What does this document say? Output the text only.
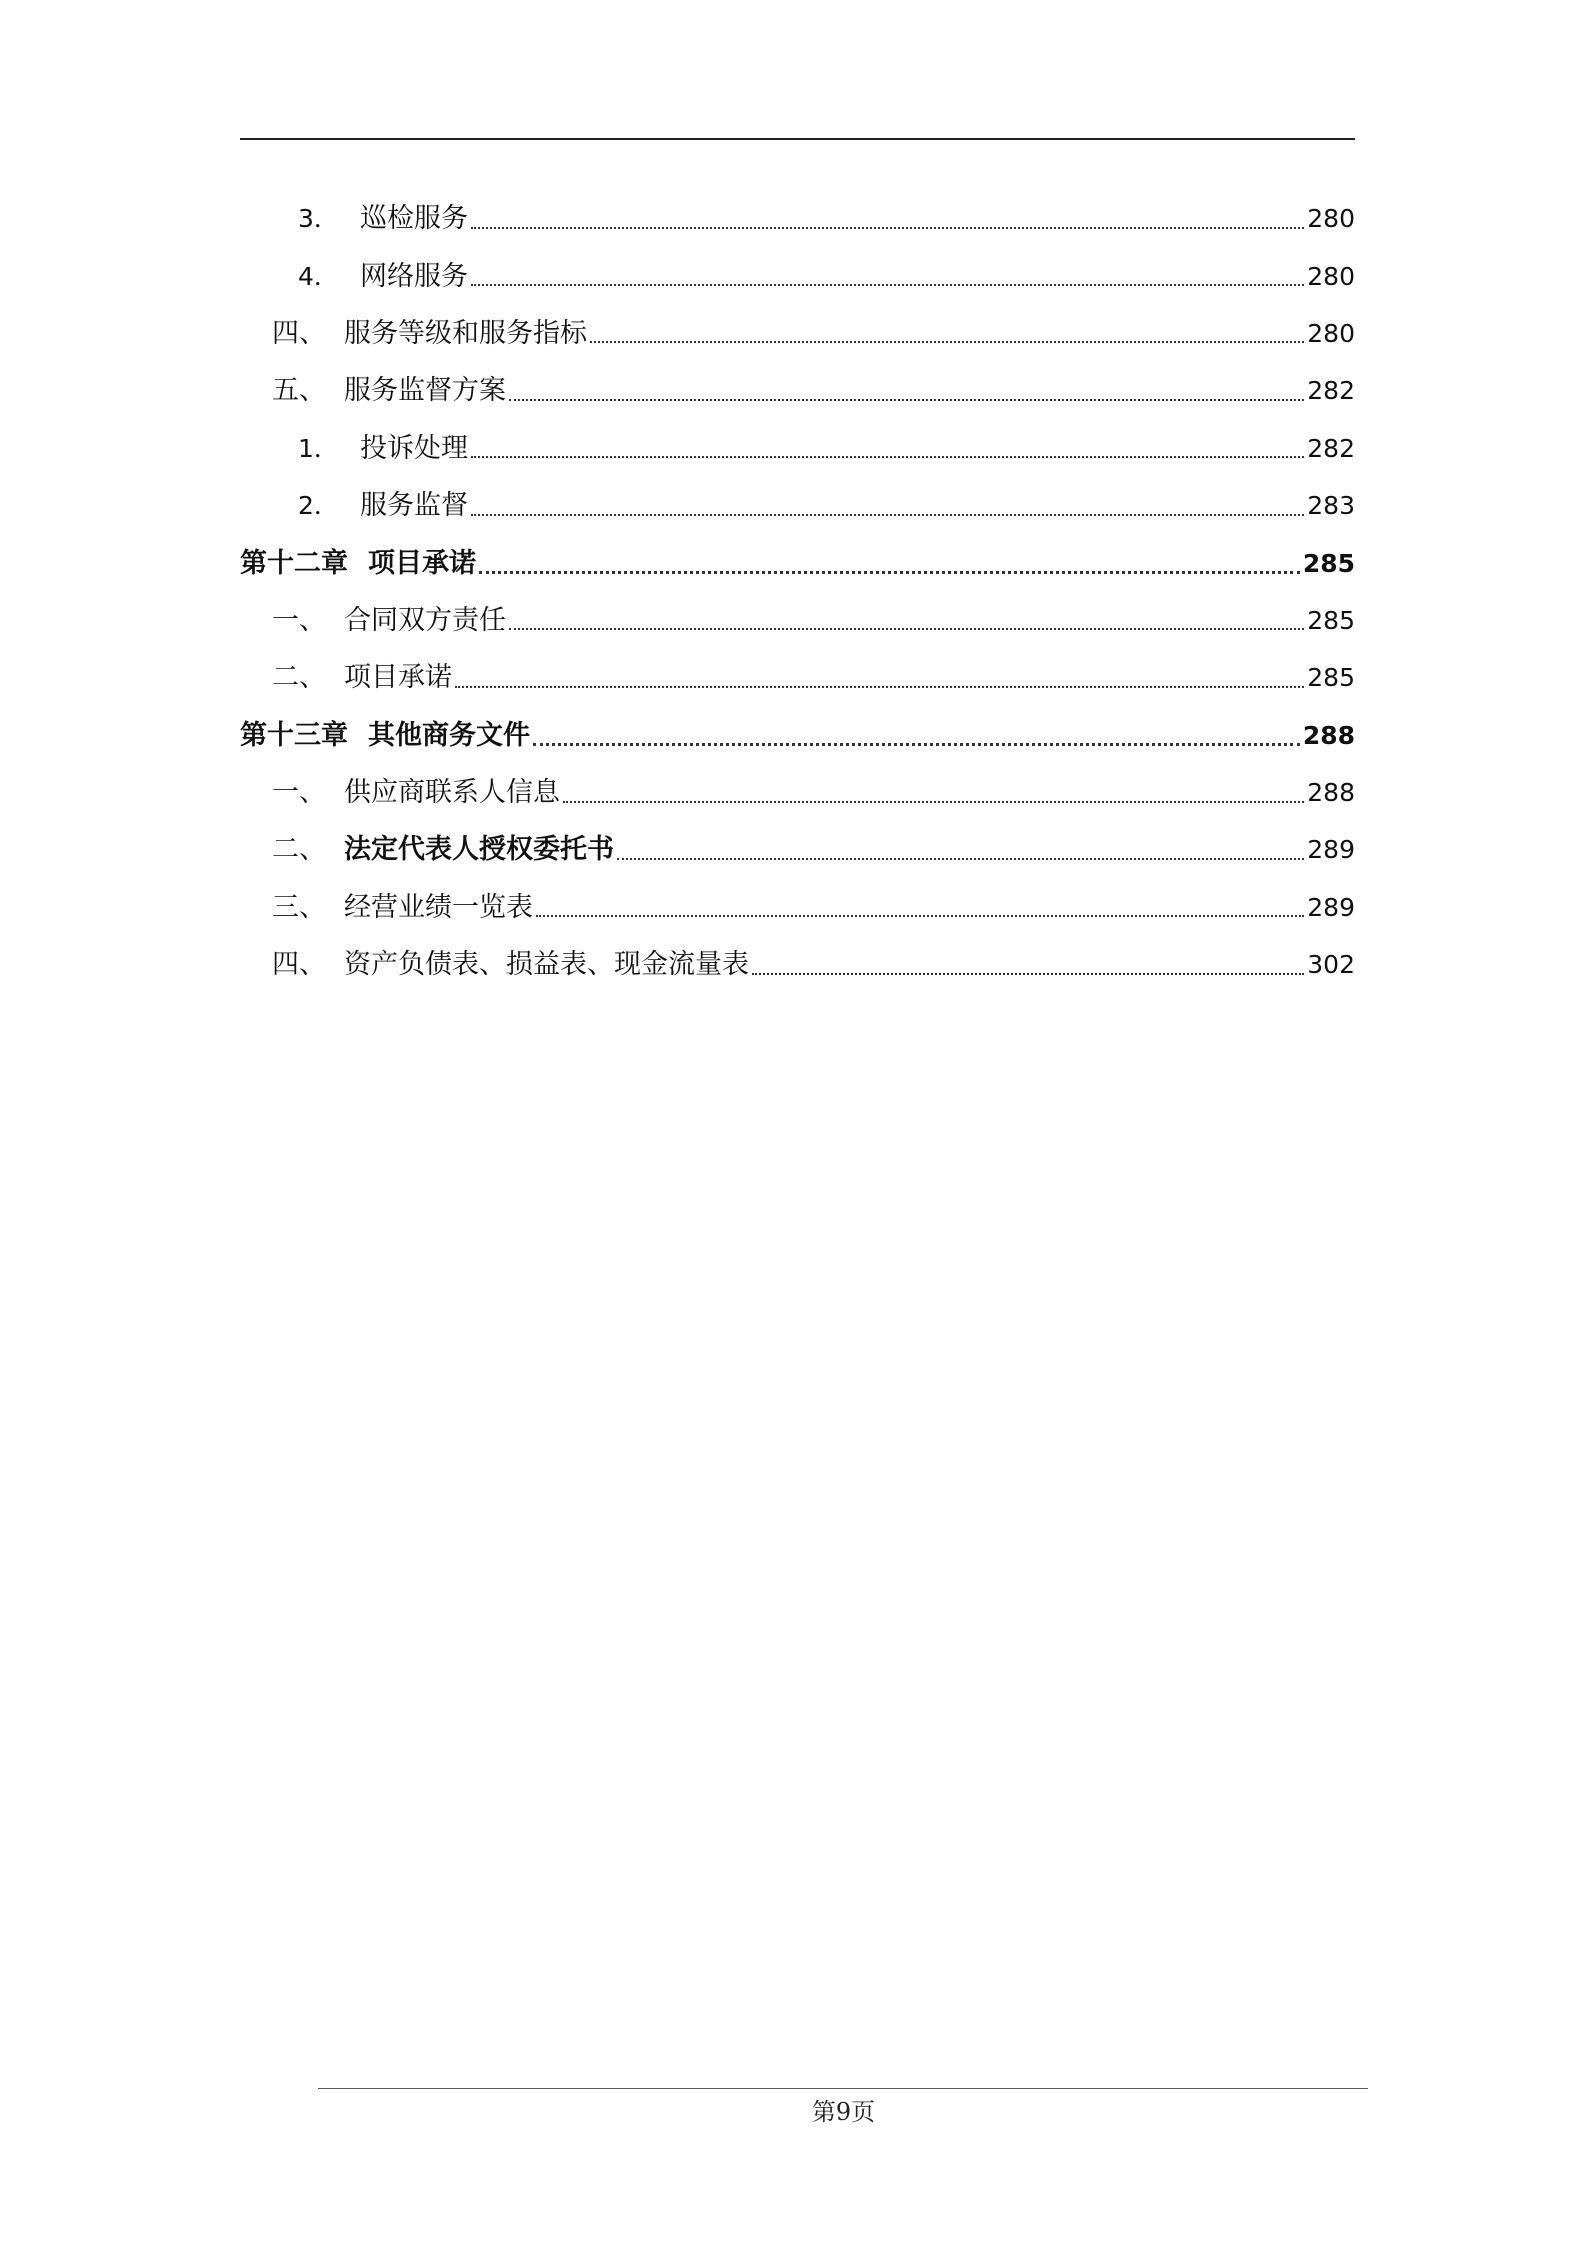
3． 巡检服务	280
4． 网络服务	280
四、 服务等级和服务指标	280
五、 服务监督方案	282
1． 投诉处理	282
2． 服务监督	283
第十二章 项目承诺	285
一、 合同双方责任	285
二、 项目承诺	285
第十三章 其他商务文件	288
一、 供应商联系人信息	288
二、 法定代表人授权委托书	289
三、 经营业绩一览表	289
四、 资产负债表、损益表、现金流量表	302
第9页
